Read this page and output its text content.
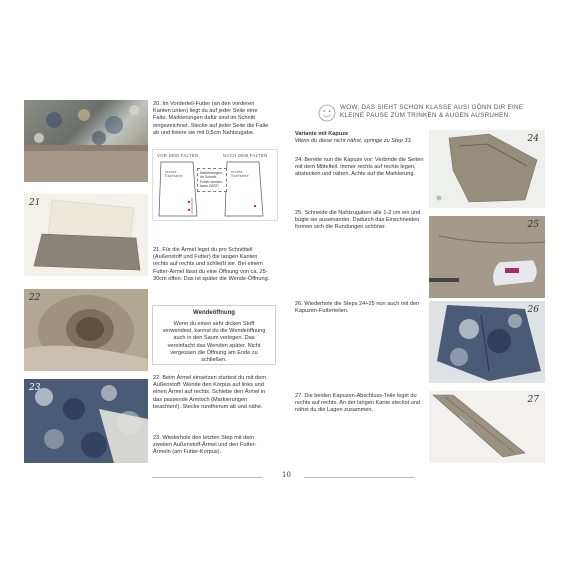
20. Im Vorderteil-Futter (an den vorderen Kanten unten) liegt du auf jeder Seite eine Falte. Markierungen dafür sind im Schnitt eingezeichnet. Stecke auf jeder Seite die Falte ab und fixiere sie mit 0,5cm Nahtzugabe.
VOR DEM FALTEN	NACH DEM FALTEN
Markierungen im Schnitt-Futter werden kann ZAST!
rechte Stoffseite
rechte Stoffseite
21
21. Für die Ärmel legst du pro Schnittteil (Außenstoff und Futter) die langen Kanten rechts auf rechts und schließt sie. Bei einem Futter-Ärmel lässt du eine Öffnung von ca. 25-30cm offen. Das ist später die Wende-Öffnung.
Wendeöffnung
Wenn du einen sehr dicken Stoff verwendest, kannst du die Wendeöffnung auch in den Saum verlegen. Das vereinfacht das Wenden später. Nicht vergessen die Öffnung am Ende zu schließen.
22
22. Beim Ärmel einsetzen startest du mit dem Außenstoff: Wende den Korpus auf links und einen Ärmel auf rechts. Schiebe den Ärmel in das passende Armloch (Markierungen beachten!). Stecke rundherum ab und nähe.
23
23. Wiederhole den letzten Step mit dem zweiten Außenstoff-Ärmel und den Futter-Ärmeln (am Futter-Korpus).
10
WOW, DAS SIEHT SCHON KLASSE AUS! GÖNN DIR EINE KLEINE PAUSE ZUM TRINKEN & AUGEN AUSRUHEN.

Variante mit Kapuze

Wenn du diese nicht nähst, springe zu Step 33.

24. Bereite nun die Kapuze vor: Verbinde die Seiten mit dem Mittelteil. Immer rechts auf rechts legen, abstecken und nähen. Achte auf die Markierung.
24
25. Schneide die Nahtzugaben alle 1-2 cm ein und bügle sie auseinander. Dadurch das Einschneiden formen sich die Rundungen schöner.	25
26. Wiederhole die Steps 24+25 nun auch mit den Kapuzen-Futterteilen.	26
27. Die beiden Kapuzen-Abschluss-Teile legst du rechts auf rechts. An der langen Kante steckst und nähst du die Lagen zusammen.
27
